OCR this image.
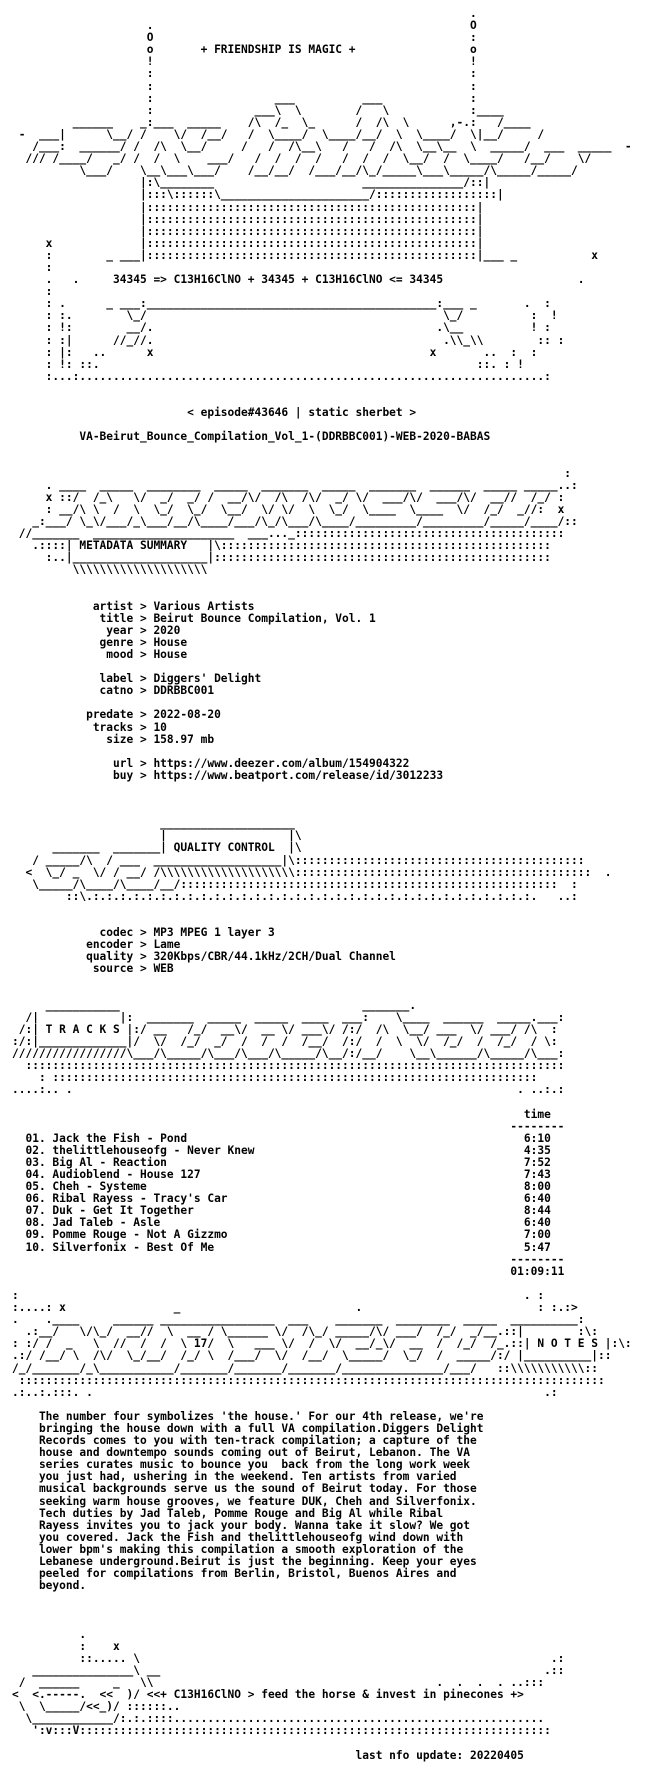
.
.                                               O
O                                               :
o       + FRIENDSHIP IS MAGIC +                 o
!                                               !
:                                               :
:                                               :
:                  ___          ___             :
:               ___\  \        /   \            :____
______    _:___  _____    /\  /_  \_      /  /\  \      ,-.:   /____
-  ___|      \__/ /    \/  /__/   /  \____/  \____/__/  \  \____/  \|__/     /
/___:  ______/ /  /\  \__/     /   /  /\__\   /   /  /\  \__\__  \  _____/  ___  _____  -
/// /____/   _/ /  /  \    ___/   /  /  /  /   /  /  /  \__/  /  \____/   /__/    \/
\___/    \__\___\___/    /__/__/  /___/__/\_/_____\___\_____/\_____/_____/
|:\________                      _______________/::|
|:::\::::::\______________________/::::::::::::::::::|
|:::::::::::::::::::::::::::::::::::::::::::::::::|
|:::::::::::::::::::::::::::::::::::::::::::::::::|
|:::::::::::::::::::::::::::::::::::::::::::::::::|
x             |:::::::::::::::::::::::::::::::::::::::::::::::::|
:        _ ___|:::::::::::::::::::::::::::::::::::::::::::::::::|___ _           x
:
.   .     34345 => C13H16ClNO + 34345 + C13H16ClNO <= 34345                    .
:
: .      _ ___:___________________________________________:___ _       .  :
: :.        \_/                                            \_/          :  !
: !:        __/.                                          .\__          ! :
: :|      //_//.                                           .\\_\\        :: :
: |:   ..      x                                         x       ..  :  :
: !: ::.                                                        ::. : !
:...:.....................................................................:
< episode#43646 | static sherbet >
VA-Beirut_Bounce_Compilation_Vol_1-(DDRBBC001)-WEB-2020-BABAS
:
. ____  _____  ________  _____  _______  _____  _______  ______  _____ _____..:
x ::/  /_\   \/  _/  _/ /  __/\/  /\  /\/  _/ \/  ___/\/  ___/\/  __//  /_/ :
: __/\ \  /  \  \_/  \_/  \__/  \/ \/  \  \_/  \____  \____  \/  /_/  _//:  x
_:___/ \_\/___/_\___/__/\____/___/\_/\___/\____/_________/_________/_____/____/::
//_______  _____________________  ___..._::::::::::::::::::::::::::::::::::::::::
.::::| METADATA SUMMARY   |\:::::::::::::::::::::::::::::::::::::::::::::::::
:..|____________________|::::::::::::::::::::::::::::::::::::::::::::::::::
\\\\\\\\\\\\\\\\\\\\
artist > Various Artists
title > Beirut Bounce Compilation, Vol. 1
year > 2020
genre > House
mood > House
label > Diggers' Delight
catno > DDRBBC001
predate > 2022-08-20
tracks > 10
size > 158.97 mb
url > https://www.deezer.com/album/154904322
buy > https://www.beatport.com/release/id/3012233
____________________
|                  |\
_______  _______| QUALITY CONTROL  |\
/ _____/\  / ___  ___________________|\:::::::::::::::::::::::::::::::::::::::::::
<  \_/ _  \/ / __/ /\\\\\\\\\\\\\\\\\\\\::::::::::::::::::::::::::::::::::::::::::::  .
\_____/\____/\____/__/::::::::::::::::::::::::::::::::::::::::::::::::::::::::  :
::\.:.:.:.:.:.:.:.:.:.:.:.:.:.:.:.:.:.:.:.:.:.:.:.:.:.:.:.:.:.:.:.:.:.   ..:
codec > MP3 MPEG 1 layer 3
encoder > Lame
quality > 320Kbps/CBR/44.1kHz/2CH/Dual Channel
source > WEB
___________                                    _______.
/|            |:  _______  _____  _____  ____  ___:    \____  ______  _____.___:
/:| T R A C K S |:/ __   /_/  __\/  __ \/ ___\/ /:/  /\  \__/ ___  \/ ___/ /\  :
:/:|_____________|/  \/  /_/  _/  /  /  /  /__/  /:/  /  \  \/  /_/  /  /_/  / \:
/////////////////\___/\_____/\___/\___/\_____/\__/:/__/    \__\______/\_____/\___:
::::::::::::::::::::::::::::::::::::::::::::::::::::::::::::::::::::::::::::::::
: ::::::::::::::::::::::::::::::::::::::::::::::::::::::::::::::::::::::::
....:.. .                                                                  . ..:.:
time
--------
01. Jack the Fish - Pond                                                  6:10
02. thelittlehouseofg - Never Knew                                        4:35
03. Big Al - Reaction                                                     7:52
04. Audioblend - House 127                                                7:43
05. Cheh - Systeme                                                        8:00
06. Ribal Rayess - Tracy's Car                                            6:40
07. Duk - Get It Together                                                 8:44
08. Jad Taleb - Asle                                                      6:40
09. Pomme Rouge - Not A Gizzmo                                            7:00
10. Silverfonix - Best Of Me                                              5:47
--------
01:09:11
:                                                                           . :
:....: x                _                          .                          : :.:>
.    .____     ______ _________________  ___    _______  ________  _____  __________:
.:__/   \/\_/  __//  \  __ / \______ \/  /\_/ _____/\/ ___/  /_/  _/__.::|        :\:
: :/ /  _   \  //  /  /  \ 17/  \   ___ \/  /  \/  __/_\/  __  /  /_/  /_.::| N O T E S |:\:
.:/ /__/ \  /\/  \_/__/  /_/ \  /___/  \/  /__/  \_____/  \_/  /  _____/:/ |__________|::
/_/_______/_\___________/_______/_______/_______/_______________/___/   ::\\\\\\\\\\\::
:::::::::::::::::::::::::::::::::::::::::::::::::::::::::::::::::::::::::::::::::::::::
.:..:.:::. .                                                                   .:
The number four symbolizes 'the house.' For our 4th release, we're
bringing the house down with a full VA compilation.Diggers Delight
Records comes to you with ten-track compilation; a capture of the
house and downtempo sounds coming out of Beirut, Lebanon. The VA
series curates music to bounce you  back from the long work week
you just had, ushering in the weekend. Ten artists from varied
musical backgrounds serve us the sound of Beirut today. For those
seeking warm house grooves, we feature DUK, Cheh and Silverfonix.
Tech duties by Jad Taleb, Pomme Rouge and Big Al while Ribal
Rayess invites you to jack your body. Wanna take it slow? We got
you covered. Jack the Fish and thelittlehouseofg wind down with
lower bpm's making this compilation a smooth exploration of the
Lebanese underground.Beirut is just the beginning. Keep your eyes
peeled for compilations from Berlin, Bristol, Buenos Aires and
beyond.
.
:    x
::..... \                                                             .:
_______________\ __                                                         .::
/  ______     _   \\                                          .  .  .  . ..:::
<  <.-----.  <<  )/ <<+ C13H16ClNO > feed the horse & invest in pinecones +>
\  \_____/<<_)/ ::::::..
\____________/:.:.::::.......................................................
':v:::V::::::::::::::::::::::::::::::::::::::::::::::::::::::::::::::::::::::
last nfo update: 20220405
